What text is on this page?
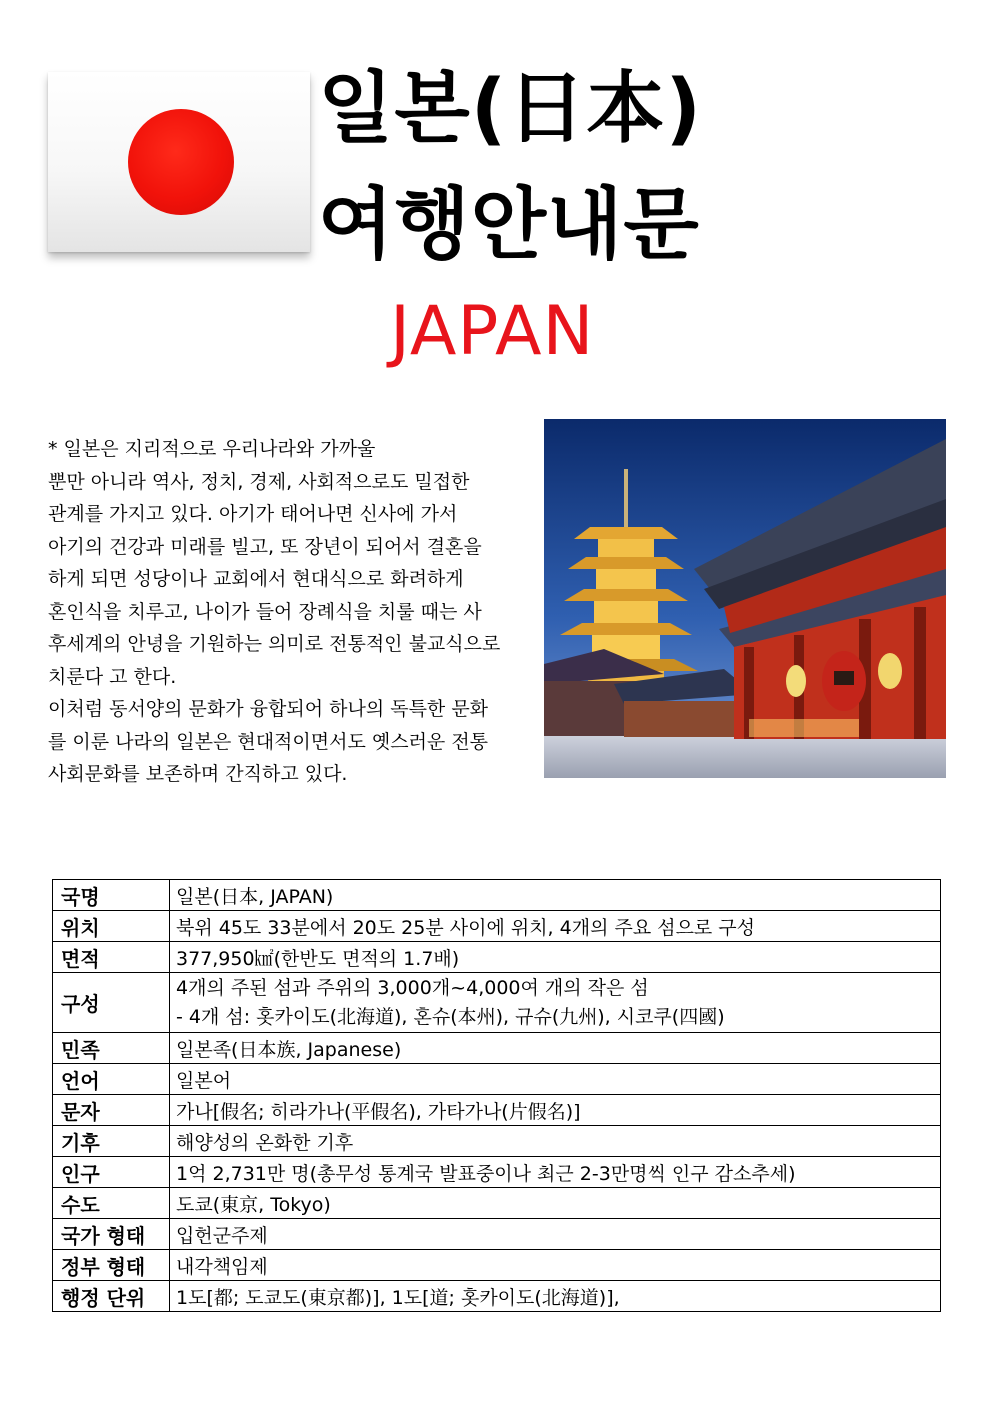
일본(日本)
여행안내문
JAPAN
* 일본은 지리적으로 우리나라와 가까울
뿐만 아니라 역사, 정치, 경제, 사회적으로도 밀접한
관계를 가지고 있다. 아기가 태어나면 신사에 가서
아기의 건강과 미래를 빌고, 또 장년이 되어서 결혼을
하게 되면 성당이나 교회에서 현대식으로 화려하게
혼인식을 치루고, 나이가 들어 장례식을 치룰 때는 사
후세계의 안녕을 기원하는 의미로 전통적인 불교식으로
치룬다 고 한다.
이처럼 동서양의 문화가 융합되어 하나의 독특한 문화
를 이룬 나라의 일본은 현대적이면서도 옛스러운 전통
사회문화를 보존하며 간직하고 있다.
국명	일본(日本, JAPAN)
위치	북위 45도 33분에서 20도 25분 사이에 위치, 4개의 주요 섬으로 구성
면적	377,950㎢(한반도 면적의 1.7배)
구성	4개의 주된 섬과 주위의 3,000개~4,000여 개의 작은 섬
- 4개 섬: 홋카이도(北海道), 혼슈(本州), 규슈(九州), 시코쿠(四國)

민족	일본족(日本族, Japanese)
언어	일본어
문자	가나[假名; 히라가나(平假名), 가타가나(片假名)]
기후	해양성의 온화한 기후
인구	1억 2,731만 명(총무성 통계국 발표중이나 최근 2-3만명씩 인구 감소추세)
수도	도쿄(東京, Tokyo)
국가 형태	입헌군주제
정부 형태	내각책임제
행정 단위	1도[都; 도쿄도(東京都)], 1도[道; 홋카이도(北海道)],
